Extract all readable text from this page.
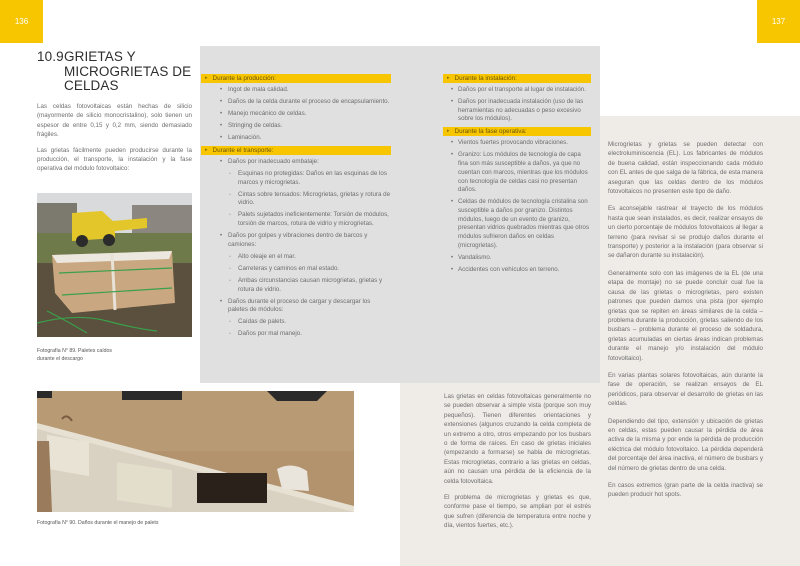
136	137
10.9GRIETAS Y
MICROGRIETAS DE
CELDAS

Las celdas fotovoltaicas están hechas de silicio (mayormente de silicio monocristalino), solo tienen un espesor de entre 0,15 y 0,2 mm, siendo demasiado frágiles.

Las grietas fácilmente pueden producirse durante la producción, el transporte, la instalación y la fase operativa del módulo fotovoltaico:

Fotografía N° 89. Paletes caídos durante el descargo
Fotografía N° 90. Daños durante el manejo de palets
▸ Durante la producción:
• Ingot de mala calidad.
• Daños de la celda durante el proceso de encapsulamiento.
• Manejo mecánico de celdas.
• Stringing de celdas.
• Laminación.
▸ Durante el transporte:
• Daños por inadecuado embalaje:
▫ Esquinas no protegidas: Daños en las esquinas de los marcos y microgrietas.
▫ Cintas sobre tensados: Microgrietas, grietas y rotura de vidrio.
▫ Palets sujetados ineficientemente: Torsión de módulos, torsión de marcos, rotura de vidrio y microgrietas.
• Daños por golpes y vibraciones dentro de barcos y camiones:
▫ Alto oleaje en el mar.
▫ Carreteras y caminos en mal estado.
▫ Ambas circunstancias causan microgrietas, grietas y rotura de vidrio.
• Daños durante el proceso de cargar y descargar los paletes de módulos:
▫ Caídas de palets.
▫ Daños por mal manejo.
▸ Durante la instalación:
• Daños por el transporte al lugar de instalación.
• Daños por inadecuada instalación (uso de las herramientas no adecuadas o peso excesivo sobre los módulos).
▸ Durante la fase operativa:
• Vientos fuertes provocando vibraciones.
• Granizo: Los módulos de tecnología de capa fina son más susceptible a daños, ya que no cuentan con marcos, mientras que los módulos con tecnología de celdas casi no presentan daños.
• Celdas de módulos de tecnología cristalina son susceptible a daños por granizo. Distintos módulos, luego de un evento de granizo, presentan vidrios quebrados mientras que otros módulos sufrieron daños en celdas (microgrietas).
• Vandalismo.
• Accidentes con vehículos en terreno.

Las grietas en celdas fotovoltaicas generalmente no se pueden observar a simple vista (porque son muy pequeños). Tienen diferentes orientaciones y extensiones (algunos cruzando la celda completa de un extremo a otro, otros empezando por los busbars o de forma de raíces. En caso de grietas iniciales (empezando a formarse) se habla de microgrietas. Estas microgrietas, contrario a las grietas en celdas, aún no causan una pérdida de la eficiencia de la celda fotovoltaica.

El problema de microgrietas y grietas es que, conforme pase el tiempo, se amplian por el estrés que sufren (diferencia de temperatura entre noche y día, vientos fuertes, etc.).

Microgrietas y grietas se pueden detectar con electroluminiscencia (EL). Los fabricantes de módulos de buena calidad, están inspeccionando cada módulo con EL antes de que salga de la fábrica, de esta manera aseguran que las celdas dentro de los módulos fotovoltaicos no presenten este tipo de daño.

Es aconsejable rastrear el trayecto de los módulos hasta que sean instalados, es decir, realizar ensayos de un cierto porcentaje de módulos fotovoltaicos al llegar a terreno (para revisar si se produjo daños durante el transporte) y posterior a la instalación (para observar si se dañaron durante su instalación).

Generalmente solo con las imágenes de la EL (de una etapa de montaje) no se puede concluir cual fue la causa de las grietas o microgrietas, pero existen patrones que pueden darnos una pista (por ejemplo grietas que se repiten en áreas similares de la celda – problema durante la producción, grietas saliendo de los busbars – problema durante el proceso de soldadura, grietas acumuladas en ciertas áreas indican problemas durante el manejo y/o instalación del módulo fotovoltaico).

En varias plantas solares fotovoltaicas, aún durante la fase de operación, se realizan ensayos de EL periódicos, para observar el desarrollo de grietas en las celdas.

Dependiendo del tipo, extensión y ubicación de grietas en celdas, estas pueden causar la pérdida de área activa de la misma y por ende la pérdida de producción eléctrica del módulo fotovoltaico. La pérdida dependerá del porcentaje del área inactiva, el número de busbars y del número de grietas dentro de una celda.

En casos extremos (gran parte de la celda inactiva) se pueden producir hot spots.
